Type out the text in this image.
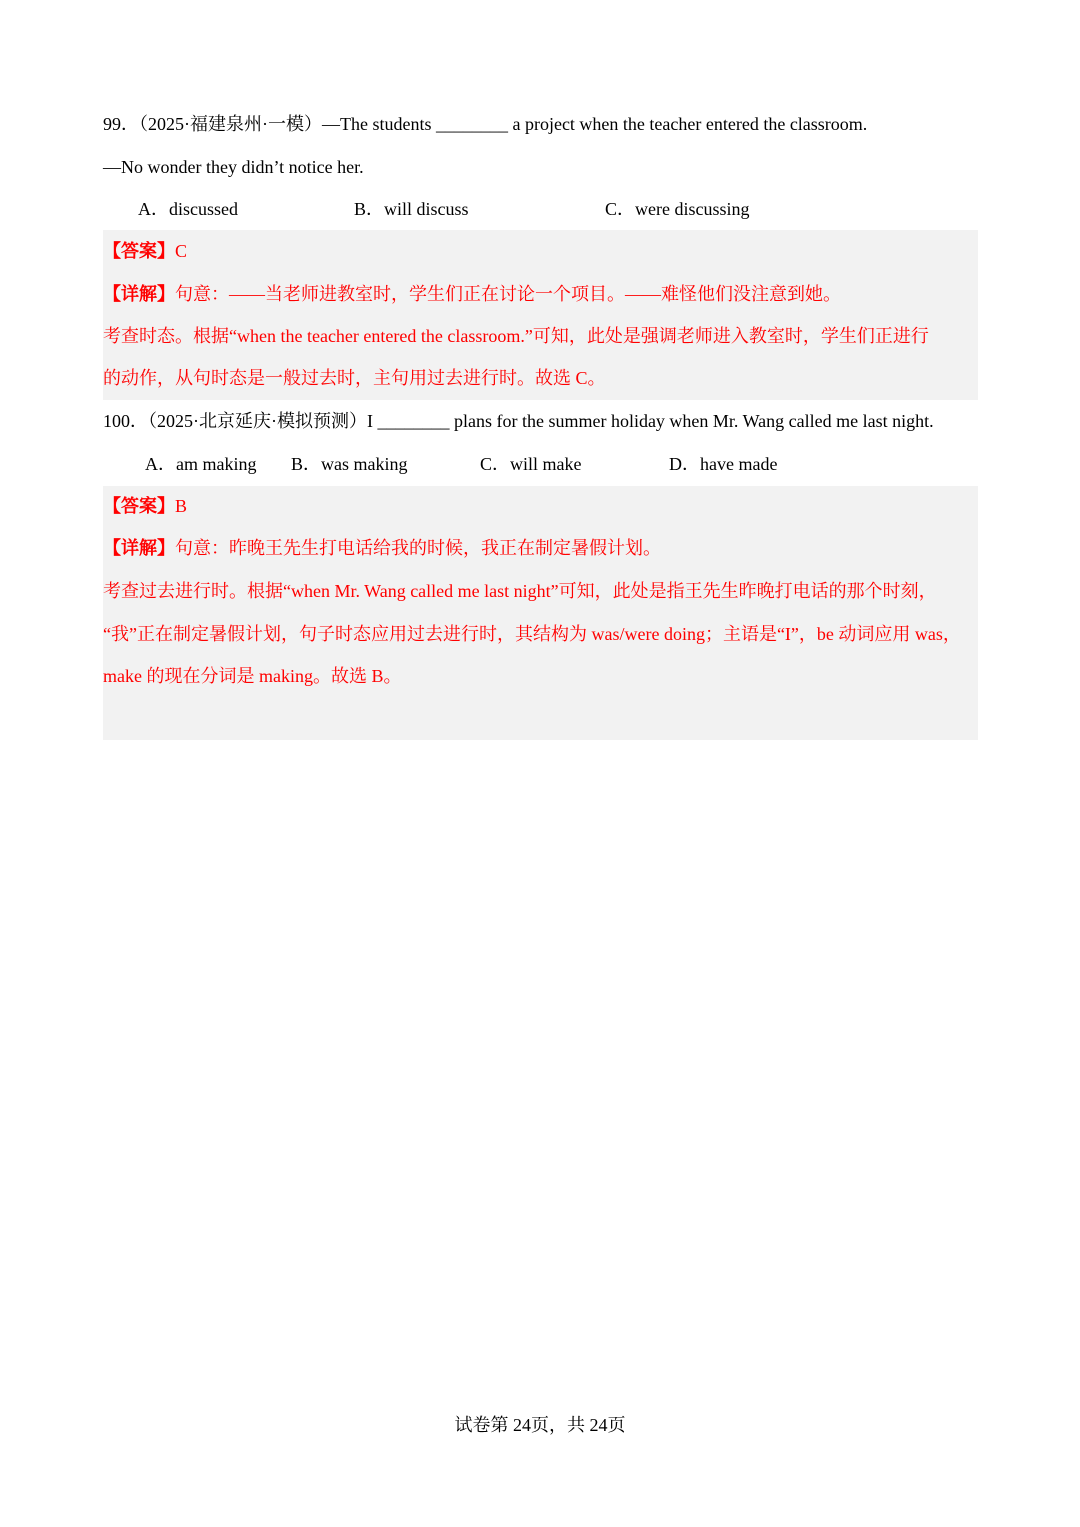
99．（2025·福建泉州·一模）—The students ________ a project when the teacher entered the classroom.
—No wonder they didn’t notice her.
A．discussed	B．will discuss	C．were discussing
【答案】C
【详解】句意：——当老师进教室时，学生们正在讨论一个项目。——难怪他们没注意到她。
考查时态。根据“when the teacher entered the classroom.”可知，此处是强调老师进入教室时，学生们正进行
的动作，从句时态是一般过去时，主句用过去进行时。故选 C。
100．（2025·北京延庆·模拟预测）I ________ plans for the summer holiday when Mr. Wang called me last night.
A．am making B．was making	C．will make	D．have made
【答案】B
【详解】句意：昨晚王先生打电话给我的时候，我正在制定暑假计划。
考查过去进行时。根据“when Mr. Wang called me last night”可知，此处是指王先生昨晚打电话的那个时刻，
“我”正在制定暑假计划，句子时态应用过去进行时，其结构为 was/were doing；主语是“I”，be 动词应用 was，
make 的现在分词是 making。故选 B。
试卷第 24页，共 24页
